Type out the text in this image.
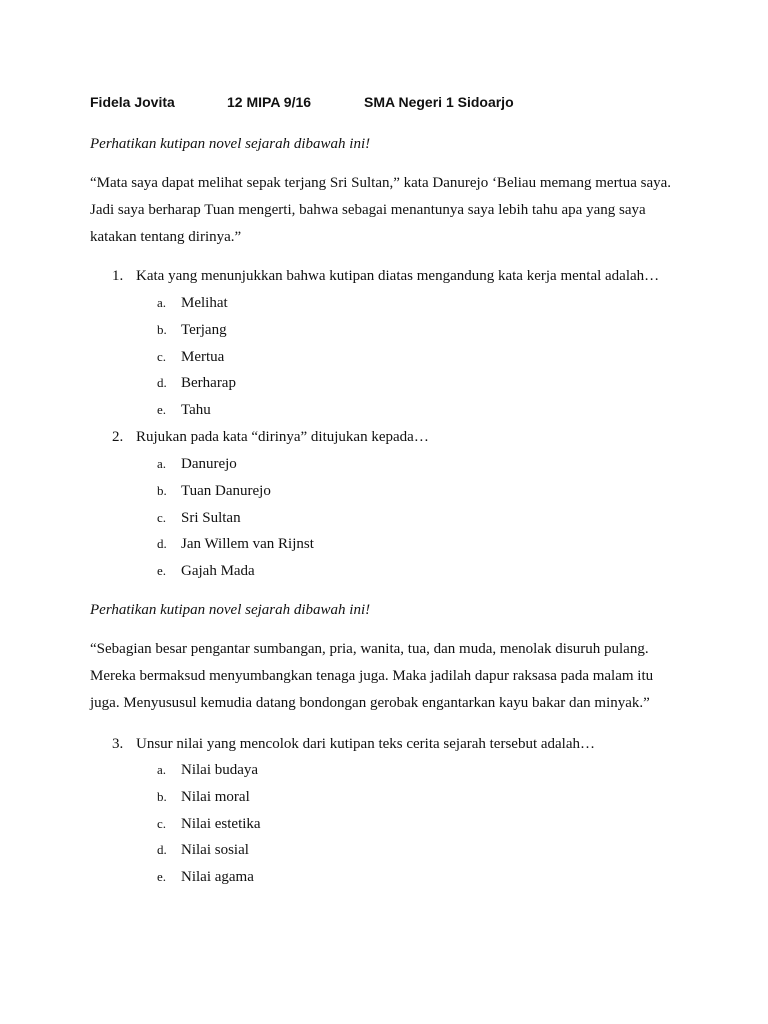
Fidela Jovita	12 MIPA 9/16	SMA Negeri 1 Sidoarjo
Perhatikan kutipan novel sejarah dibawah ini!
“Mata saya dapat melihat sepak terjang Sri Sultan,” kata Danurejo ‘Beliau memang mertua saya.
Jadi saya berharap Tuan mengerti, bahwa sebagai menantunya saya lebih tahu apa yang saya
katakan tentang dirinya.”
1. Kata yang menunjukkan bahwa kutipan diatas mengandung kata kerja mental adalah…
a. Melihat
b. Terjang
c. Mertua
d. Berharap
e. Tahu
2. Rujukan pada kata “dirinya” ditujukan kepada…
a. Danurejo
b. Tuan Danurejo
c. Sri Sultan
d. Jan Willem van Rijnst
e. Gajah Mada
Perhatikan kutipan novel sejarah dibawah ini!
“Sebagian besar pengantar sumbangan, pria, wanita, tua, dan muda, menolak disuruh pulang.
Mereka bermaksud menyumbangkan tenaga juga. Maka jadilah dapur raksasa pada malam itu
juga. Menyususul kemudia datang bondongan gerobak engantarkan kayu bakar dan minyak.”
3. Unsur nilai yang mencolok dari kutipan teks cerita sejarah tersebut adalah…
a. Nilai budaya
b. Nilai moral
c. Nilai estetika
d. Nilai sosial
e. Nilai agama
